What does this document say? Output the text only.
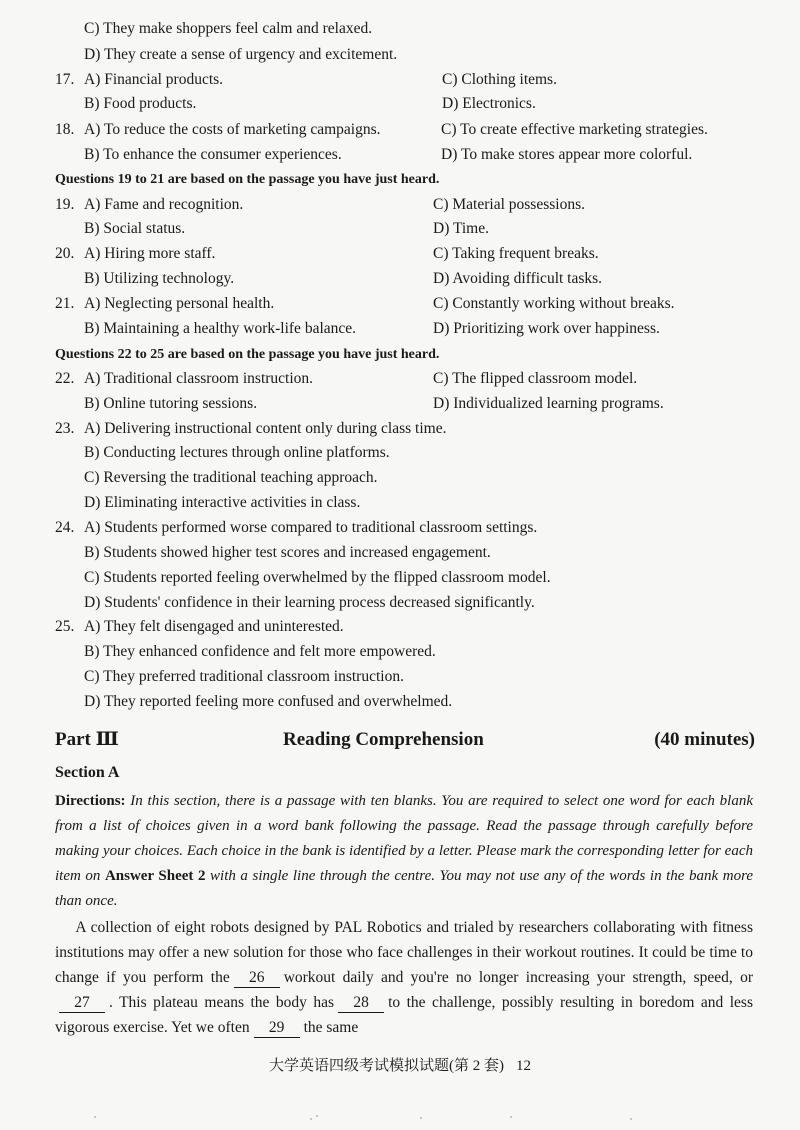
C) They make shoppers feel calm and relaxed.
D) They create a sense of urgency and excitement.
17. A) Financial products.	C) Clothing items.
B) Food products.	D) Electronics.
18. A) To reduce the costs of marketing campaigns.	C) To create effective marketing strategies.
B) To enhance the consumer experiences.	D) To make stores appear more colorful.
Questions 19 to 21 are based on the passage you have just heard.
19. A) Fame and recognition.	C) Material possessions.
B) Social status.	D) Time.
20. A) Hiring more staff.	C) Taking frequent breaks.
B) Utilizing technology.	D) Avoiding difficult tasks.
21. A) Neglecting personal health.	C) Constantly working without breaks.
B) Maintaining a healthy work-life balance.	D) Prioritizing work over happiness.
Questions 22 to 25 are based on the passage you have just heard.
22. A) Traditional classroom instruction.	C) The flipped classroom model.
B) Online tutoring sessions.	D) Individualized learning programs.
23. A) Delivering instructional content only during class time.
B) Conducting lectures through online platforms.
C) Reversing the traditional teaching approach.
D) Eliminating interactive activities in class.
24. A) Students performed worse compared to traditional classroom settings.
B) Students showed higher test scores and increased engagement.
C) Students reported feeling overwhelmed by the flipped classroom model.
D) Students' confidence in their learning process decreased significantly.
25. A) They felt disengaged and uninterested.
B) They enhanced confidence and felt more empowered.
C) They preferred traditional classroom instruction.
D) They reported feeling more confused and overwhelmed.
Part Ⅲ	Reading Comprehension	(40 minutes)
Section A
Directions: In this section, there is a passage with ten blanks. You are required to select one word for each blank from a list of choices given in a word bank following the passage. Read the passage through carefully before making your choices. Each choice in the bank is identified by a letter. Please mark the corresponding letter for each item on Answer Sheet 2 with a single line through the centre. You may not use any of the words in the bank more than once.
  A collection of eight robots designed by PAL Robotics and trialed by researchers collaborating with fitness institutions may offer a new solution for those who face challenges in their workout routines. It could be time to change if you perform the 26 workout daily and you're no longer increasing your strength, speed, or27 . This plateau means the body has 28 to the challenge, possibly resulting in boredom and less vigorous exercise. Yet we often 29 the same
大学英语四级考试模拟试题(第 2 套) 12
